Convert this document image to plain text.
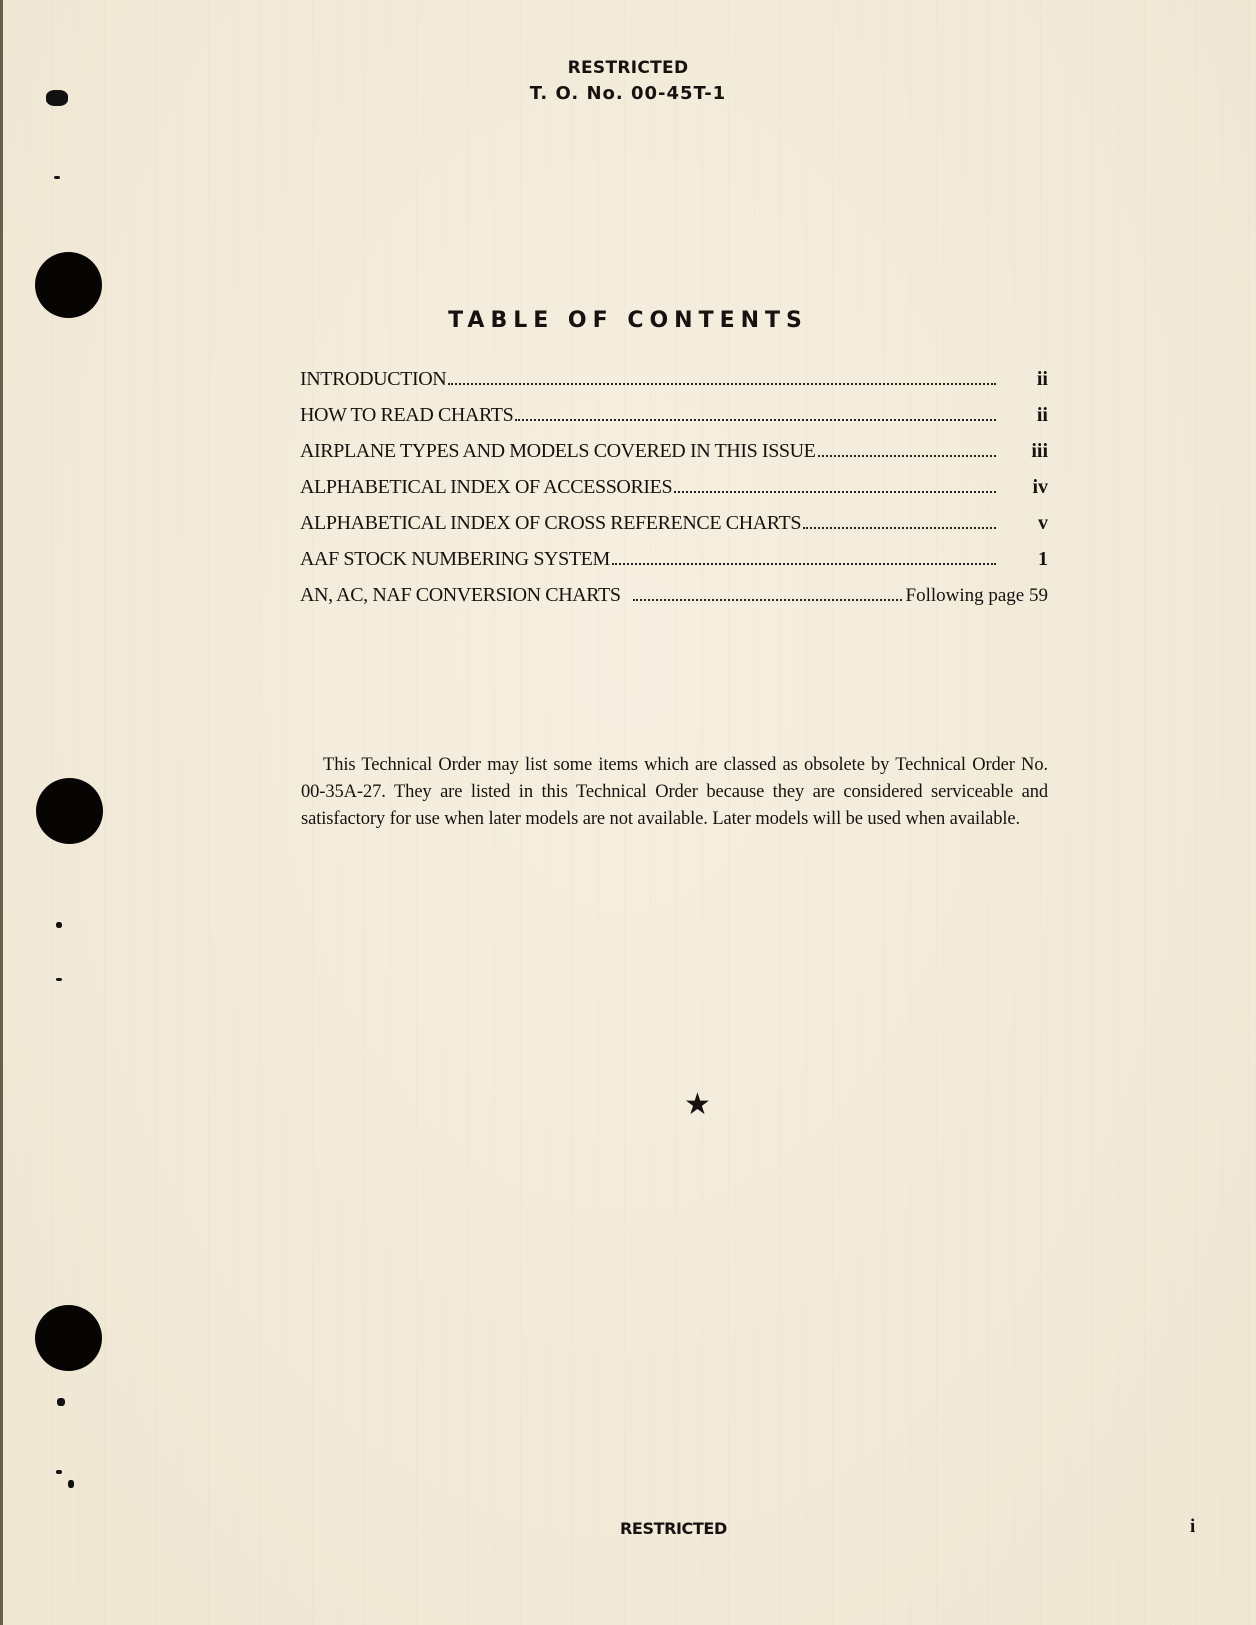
RESTRICTED
T. O. No. 00-45T-1
TABLE OF CONTENTS
INTRODUCTION	ii
HOW TO READ CHARTS	ii
AIRPLANE TYPES AND MODELS COVERED IN THIS ISSUE	iii
ALPHABETICAL INDEX OF ACCESSORIES	iv
ALPHABETICAL INDEX OF CROSS REFERENCE CHARTS	v
AAF STOCK NUMBERING SYSTEM	1
AN, AC, NAF CONVERSION CHARTS	Following page 59

This Technical Order may list some items which are classed as obsolete by Technical Order No. 00-35A-27. They are listed in this Technical Order because they are considered serviceable and satisfactory for use when later models are not available. Later models will be used when available.

★
RESTRICTED	i
